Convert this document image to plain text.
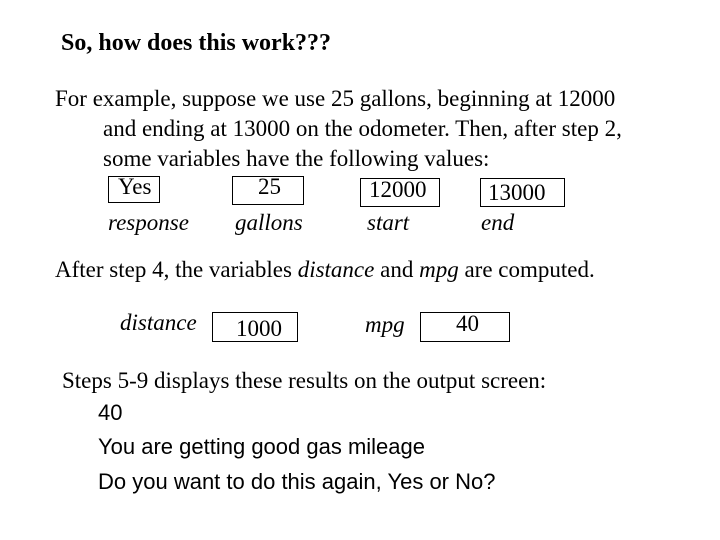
So, how does this work???
For example, suppose we use 25 gallons, beginning at 12000
and ending at 13000 on the odometer. Then, after step 2,
some variables have the following values:
Yes	25	12000	13000
response gallons	start	end
After step 4, the variables distance and mpg are computed.
distance 1000	mpg 40
Steps 5-9 displays these results on the output screen:
40
You are getting good gas mileage
Do you want to do this again, Yes or No?
